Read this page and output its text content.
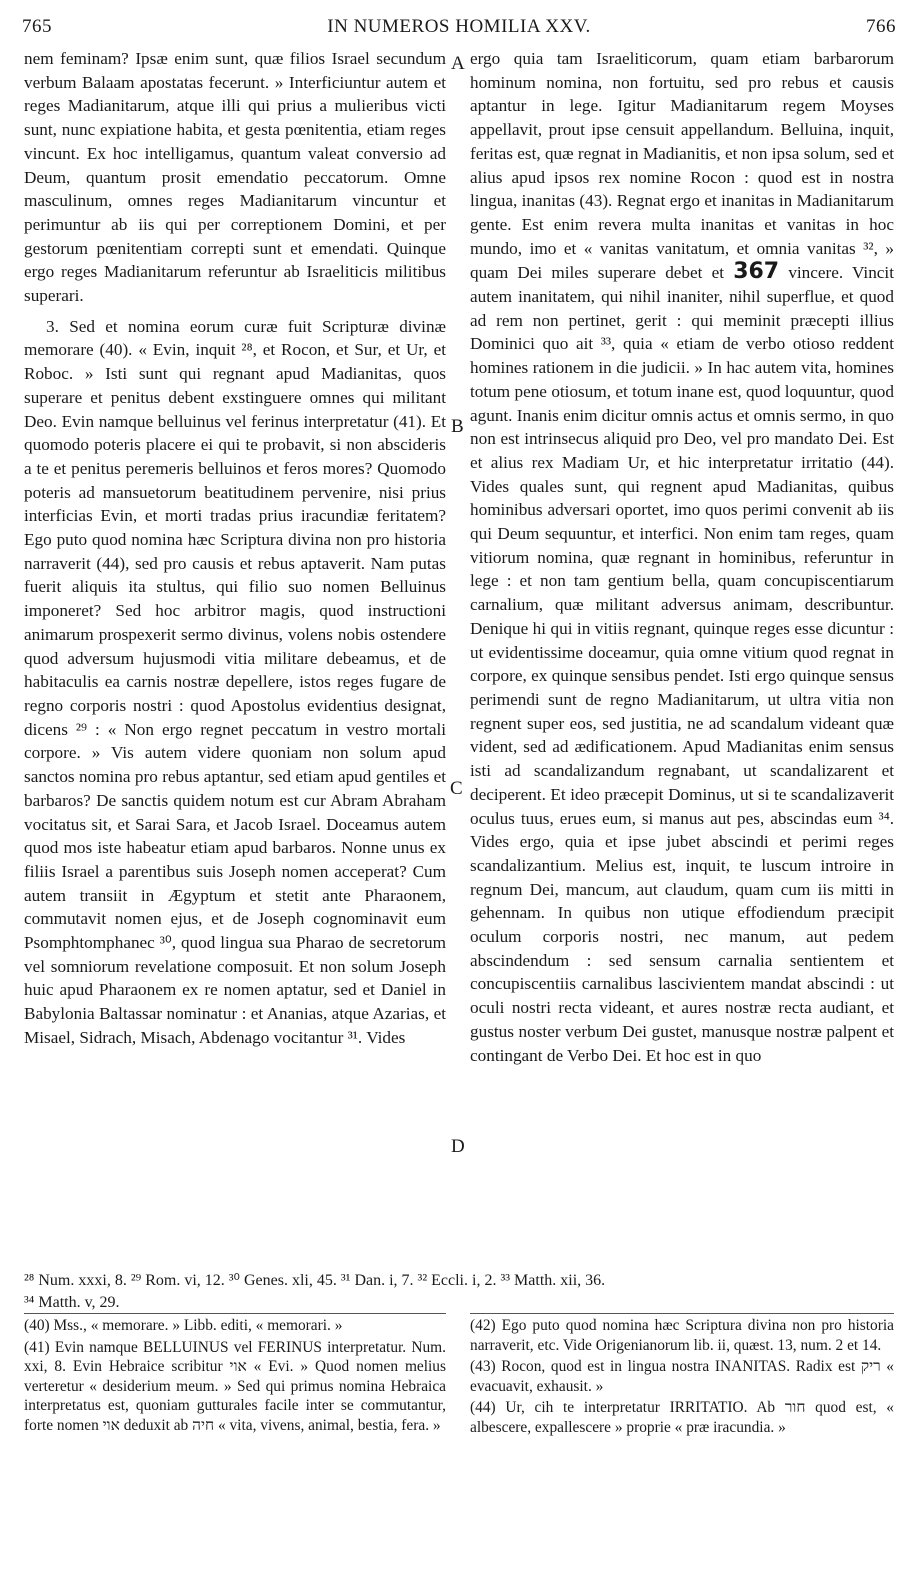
765	IN NUMEROS HOMILIA XXV.	766
nem feminam? Ipsæ enim sunt, quæ filios Israel secundum verbum Balaam apostatas fecerunt. » Interficiuntur autem et reges Madianitarum, atque illi qui prius a mulieribus victi sunt, nunc expiatione habita, et gesta pœnitentia, etiam reges vincunt. Ex hoc intelligamus, quantum valeat conversio ad Deum, quantum prosit emendatio peccatorum. Omne masculinum, omnes reges Madianitarum vincuntur et perimuntur ab iis qui per correptionem Domini, et per gestorum pœnitentiam correpti sunt et emendati. Quinque ergo reges Madianitarum referuntur ab Israeliticis militibus superari.
3. Sed et nomina eorum curæ fuit Scripturæ divinæ memorare (40). « Evin, inquit ²⁸, et Rocon, et Sur, et Ur, et Roboc. » Isti sunt qui regnant apud Madianitas, quos superare et penitus debent exstinguere omnes qui militant Deo. Evin namque belluinus vel ferinus interpretatur (41). Et quomodo poteris placere ei qui te probavit, si non abscideris a te et penitus peremeris belluinos et feros mores? Quomodo poteris ad mansuetorum beatitudinem pervenire, nisi prius interficias Evin, et morti tradas prius iracundiæ feritatem? Ego puto quod nomina hæc Scriptura divina non pro historia narraverit (44), sed pro causis et rebus aptaverit. Nam putas fuerit aliquis ita stultus, qui filio suo nomen Belluinus imponeret? Sed hoc arbitror magis, quod instructioni animarum prospexerit sermo divinus, volens nobis ostendere quod adversum hujusmodi vitia militare debeamus, et de habitaculis ea carnis nostræ depellere, istos reges fugare de regno corporis nostri : quod Apostolus evidentius designat, dicens ²⁹ : « Non ergo regnet peccatum in vestro mortali corpore. » Vis autem videre quoniam non solum apud sanctos nomina pro rebus aptantur, sed etiam apud gentiles et barbaros? De sanctis quidem notum est cur Abram Abraham vocitatus sit, et Sarai Sara, et Jacob Israel. Doceamus autem quod mos iste habeatur etiam apud barbaros. Nonne unus ex filiis Israel a parentibus suis Joseph nomen acceperat? Cum autem transiit in Ægyptum et stetit ante Pharaonem, commutavit nomen ejus, et de Joseph cognominavit eum Psomphtomphanec ³⁰, quod lingua sua Pharao de secretorum vel somniorum revelatione composuit. Et non solum Joseph huic apud Pharaonem ex re nomen aptatur, sed et Daniel in Babylonia Baltassar nominatur : et Ananias, atque Azarias, et Misael, Sidrach, Misach, Abdenago vocitantur ³¹. Vides
ergo quia tam Israeliticorum, quam etiam barbarorum hominum nomina, non fortuitu, sed pro rebus et causis aptantur in lege. Igitur Madianitarum regem Moyses appellavit, prout ipse censuit appellandum. Belluina, inquit, feritas est, quæ regnat in Madianitis, et non ipsa solum, sed et alius apud ipsos rex nomine Rocon : quod est in nostra lingua, inanitas (43). Regnat ergo et inanitas in Madianitarum gente. Est enim revera multa inanitas et vanitas in hoc mundo, imo et « vanitas vanitatum, et omnia vanitas ³², » quam Dei miles superare debet et 367 vincere. Vincit autem inanitatem, qui nihil inaniter, nihil superflue, et quod ad rem non pertinet, gerit : qui meminit præcepti illius Dominici quo ait ³³, quia « etiam de verbo otioso reddent homines rationem in die judicii. » In hac autem vita, homines totum pene otiosum, et totum inane est, quod loquuntur, quod agunt. Inanis enim dicitur omnis actus et omnis sermo, in quo non est intrinsecus aliquid pro Deo, vel pro mandato Dei. Est et alius rex Madiam Ur, et hic interpretatur irritatio (44). Vides quales sunt, qui regnent apud Madianitas, quibus hominibus adversari oportet, imo quos perimi convenit ab iis qui Deum sequuntur, et interfici. Non enim tam reges, quam vitiorum nomina, quæ regnant in hominibus, referuntur in lege : et non tam gentium bella, quam concupiscentiarum carnalium, quæ militant adversus animam, describuntur. Denique hi qui in vitiis regnant, quinque reges esse dicuntur : ut evidentissime doceamur, quia omne vitium quod regnat in corpore, ex quinque sensibus pendet. Isti ergo quinque sensus perimendi sunt de regno Madianitarum, ut ultra vitia non regnent super eos, sed justitia, ne ad scandalum videant quæ vident, sed ad ædificationem. Apud Madianitas enim sensus isti ad scandalizandum regnabant, ut scandalizarent et deciperent. Et ideo præcepit Dominus, ut si te scandalizaverit oculus tuus, erues eum, si manus aut pes, abscindas eum ³⁴. Vides ergo, quia et ipse jubet abscindi et perimi reges scandalizantium. Melius est, inquit, te luscum introire in regnum Dei, mancum, aut claudum, quam cum iis mitti in gehennam. In quibus non utique effodiendum præcipit oculum corporis nostri, nec manum, aut pedem abscindendum : sed sensum carnalia sentientem et concupiscentiis carnalibus lascivientem mandat abscindi : ut oculi nostri recta videant, et aures nostræ recta audiant, et gustus noster verbum Dei gustet, manusque nostræ palpent et contingant de Verbo Dei. Et hoc est in quo
A
B
C
D
²⁸ Num. xxxi, 8. ²⁹ Rom. vi, 12. ³⁰ Genes. xli, 45. ³¹ Dan. i, 7. ³² Eccli. i, 2. ³³ Matth. xii, 36.
³⁴ Matth. v, 29.
(40) Mss., « memorare. » Libb. editi, « memorari. »
(41) Evin namque BELLUINUS vel FERINUS interpretatur. Num. xxi, 8. Evin Hebraice scribitur אוי « Evi. » Quod nomen melius verteretur « desiderium meum. » Sed qui primus nomina Hebraica interpretatus est, quoniam gutturales facile inter se commutantur, forte nomen אוי deduxit ab חיה « vita, vivens, animal, bestia, fera. »
(42) Ego puto quod nomina hæc Scriptura divina non pro historia narraverit, etc. Vide Origenianorum lib. ii, quæst. 13, num. 2 et 14.
(43) Rocon, quod est in lingua nostra INANITAS. Radix est ריק « evacuavit, exhausit. »
(44) Ur, cih te interpretatur IRRITATIO. Ab חור quod est, « albescere, expallescere » proprie « præ iracundia. »
